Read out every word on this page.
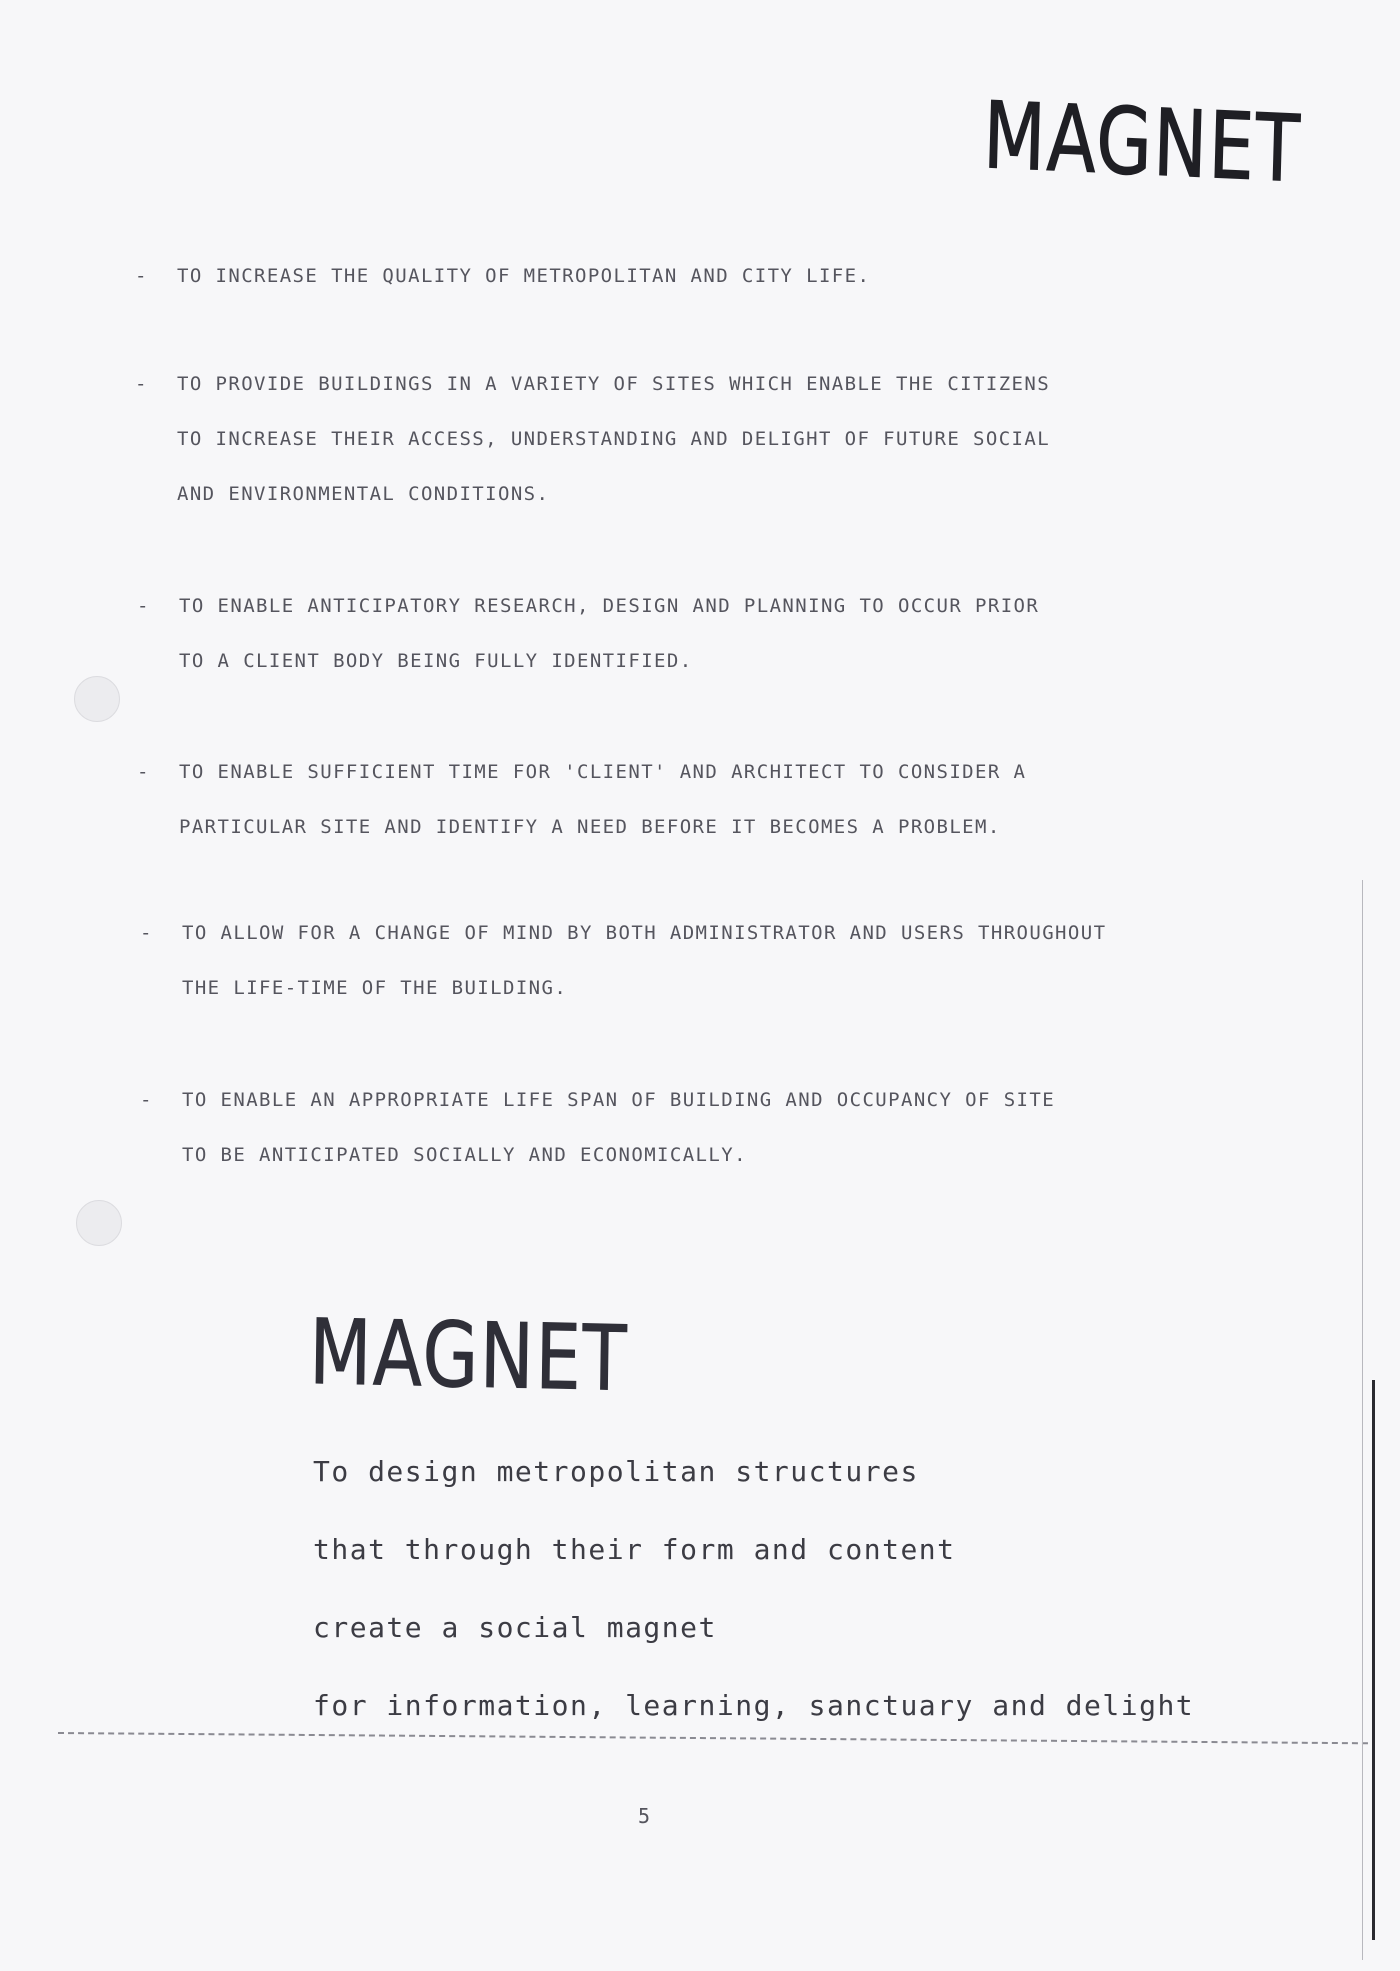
MAGNET
- TO INCREASE THE QUALITY OF METROPOLITAN AND CITY LIFE.
- TO PROVIDE BUILDINGS IN A VARIETY OF SITES WHICH ENABLE THE CITIZENS
TO INCREASE THEIR ACCESS, UNDERSTANDING AND DELIGHT OF FUTURE SOCIAL
AND ENVIRONMENTAL CONDITIONS.
- TO ENABLE ANTICIPATORY RESEARCH, DESIGN AND PLANNING TO OCCUR PRIOR
TO A CLIENT BODY BEING FULLY IDENTIFIED.
- TO ENABLE SUFFICIENT TIME FOR 'CLIENT' AND ARCHITECT TO CONSIDER A
PARTICULAR SITE AND IDENTIFY A NEED BEFORE IT BECOMES A PROBLEM.
- TO ALLOW FOR A CHANGE OF MIND BY BOTH ADMINISTRATOR AND USERS THROUGHOUT
THE LIFE-TIME OF THE BUILDING.
- TO ENABLE AN APPROPRIATE LIFE SPAN OF BUILDING AND OCCUPANCY OF SITE
TO BE ANTICIPATED SOCIALLY AND ECONOMICALLY.
MAGNET
To design metropolitan structures
that through their form and content
create a social magnet
for information, learning, sanctuary and delight
5
